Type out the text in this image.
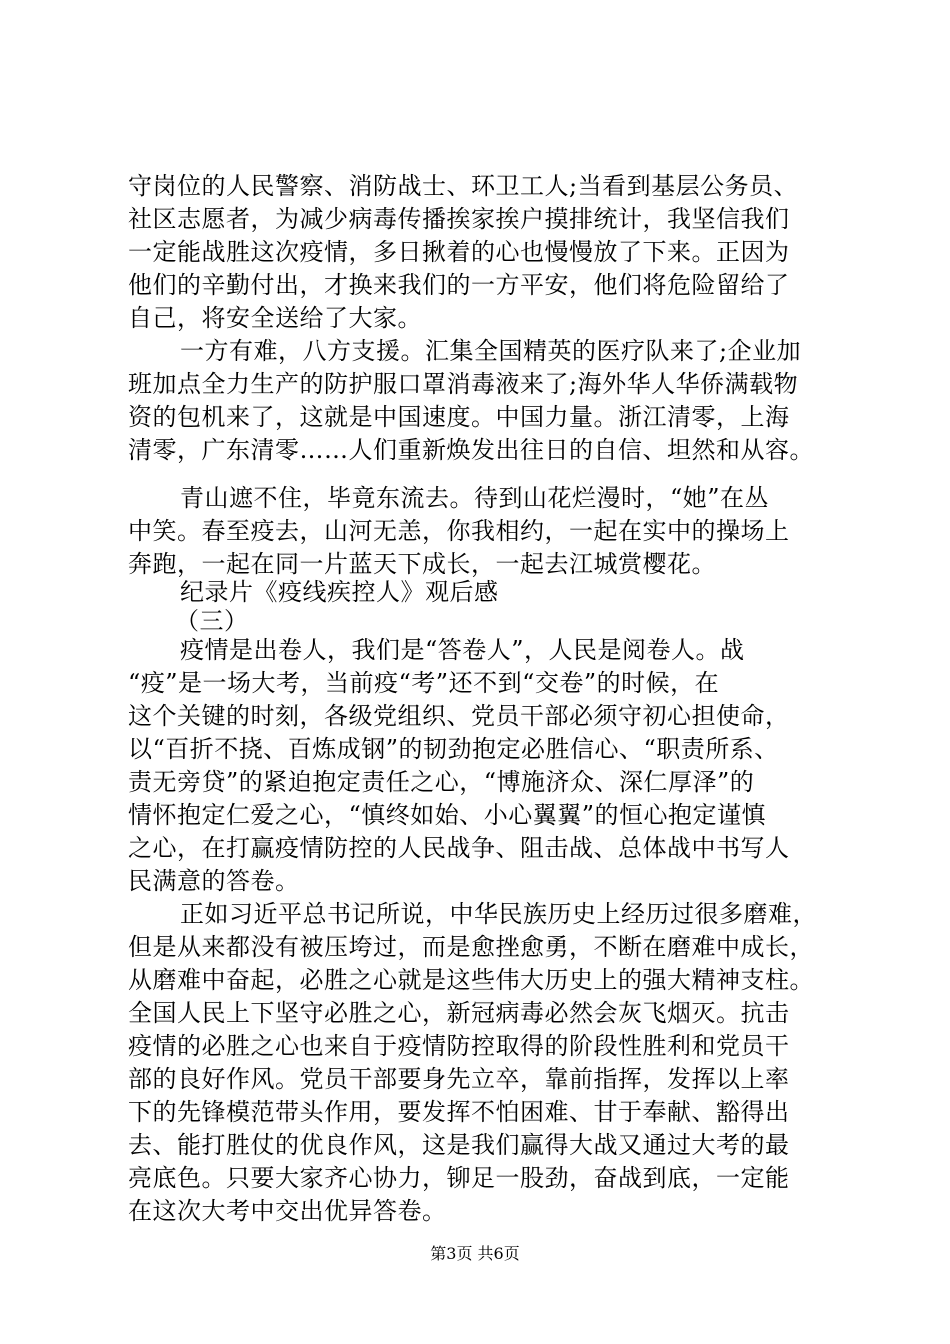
守岗位的人民警察、消防战士、环卫工人;当看到基层公务员、
社区志愿者，为减少病毒传播挨家挨户摸排统计，我坚信我们
一定能战胜这次疫情，多日揪着的心也慢慢放了下来。正因为
他们的辛勤付出，才换来我们的一方平安，他们将危险留给了
自己，将安全送给了大家。
一方有难，八方支援。汇集全国精英的医疗队来了;企业加
班加点全力生产的防护服口罩消毒液来了;海外华人华侨满载物
资的包机来了，这就是中国速度。中国力量。浙江清零，上海
清零，广东清零……人们重新焕发出往日的自信、坦然和从容。
青山遮不住，毕竟东流去。待到山花烂漫时，“她”在丛
中笑。春至疫去，山河无恙，你我相约，一起在实中的操场上
奔跑，一起在同一片蓝天下成长，一起去江城赏樱花。
纪录片《疫线疾控人》观后感
（三）
疫情是出卷人，我们是“答卷人”，人民是阅卷人。战
“疫”是一场大考，当前疫“考”还不到“交卷”的时候，在
这个关键的时刻，各级党组织、党员干部必须守初心担使命，
以“百折不挠、百炼成钢”的韧劲抱定必胜信心、“职责所系、
责无旁贷”的紧迫抱定责任之心，“博施济众、深仁厚泽”的
情怀抱定仁爱之心，“慎终如始、小心翼翼”的恒心抱定谨慎
之心，在打赢疫情防控的人民战争、阻击战、总体战中书写人
民满意的答卷。
正如习近平总书记所说，中华民族历史上经历过很多磨难，
但是从来都没有被压垮过，而是愈挫愈勇，不断在磨难中成长，
从磨难中奋起，必胜之心就是这些伟大历史上的强大精神支柱。
全国人民上下坚守必胜之心，新冠病毒必然会灰飞烟灭。抗击
疫情的必胜之心也来自于疫情防控取得的阶段性胜利和党员干
部的良好作风。党员干部要身先立卒，靠前指挥，发挥以上率
下的先锋模范带头作用，要发挥不怕困难、甘于奉献、豁得出
去、能打胜仗的优良作风，这是我们赢得大战又通过大考的最
亮底色。只要大家齐心协力，铆足一股劲，奋战到底，一定能
在这次大考中交出优异答卷。
第3页 共6页
